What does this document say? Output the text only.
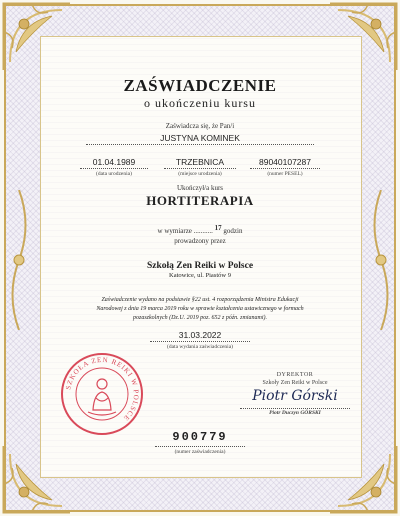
ZAŚWIADCZENIE
o ukończeniu kursu
Zaświadcza się, że Pan/i
JUSTYNA KOMINEK
01.04.1989	TRZEBNICA	89040107287
(data urodzenia)	(miejsce urodzenia)	(numer PESEL)
Ukończył/a kurs
HORTITERAPIA
w wymiarze ........... 17 godzin
prowadzony przez
Szkołą Zen Reiki w Polsce
Katowice, ul. Piastów 9
Zaświadczenie wydano na podstawie §22 ust. 4 rozporządzenia Ministra Edukacji Narodowej z dnia 19 marca 2019 roku w sprawie kształcenia ustawicznego w formach pozaszkolnych (Dz.U. 2019 poz. 652 z późn. zmianami).
31.03.2022
(data wydania zaświadczenia)
SZKOŁA ZEN REIKI W POLSCE
DYREKTOR
Szkoły Zen Reiki w Polsce
Piotr Górski
Piotr Duczyn GÓRSKI
900779
(numer zaświadczenia)
